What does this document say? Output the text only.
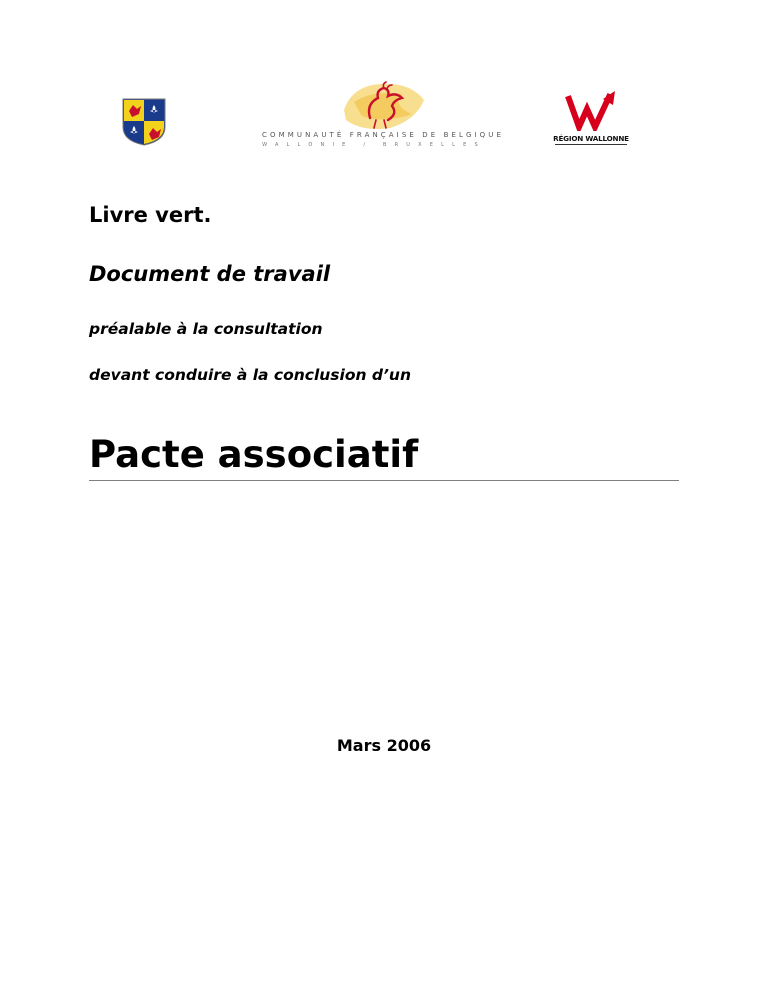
COMMUNAUTÉ FRANÇAISE DE BELGIQUE
WALLONIE / BRUXELLES
RÉGION WALLONNE
Livre vert.
Document de travail
préalable à la consultation
devant conduire à la conclusion d’un
Pacte associatif
Mars 2006
